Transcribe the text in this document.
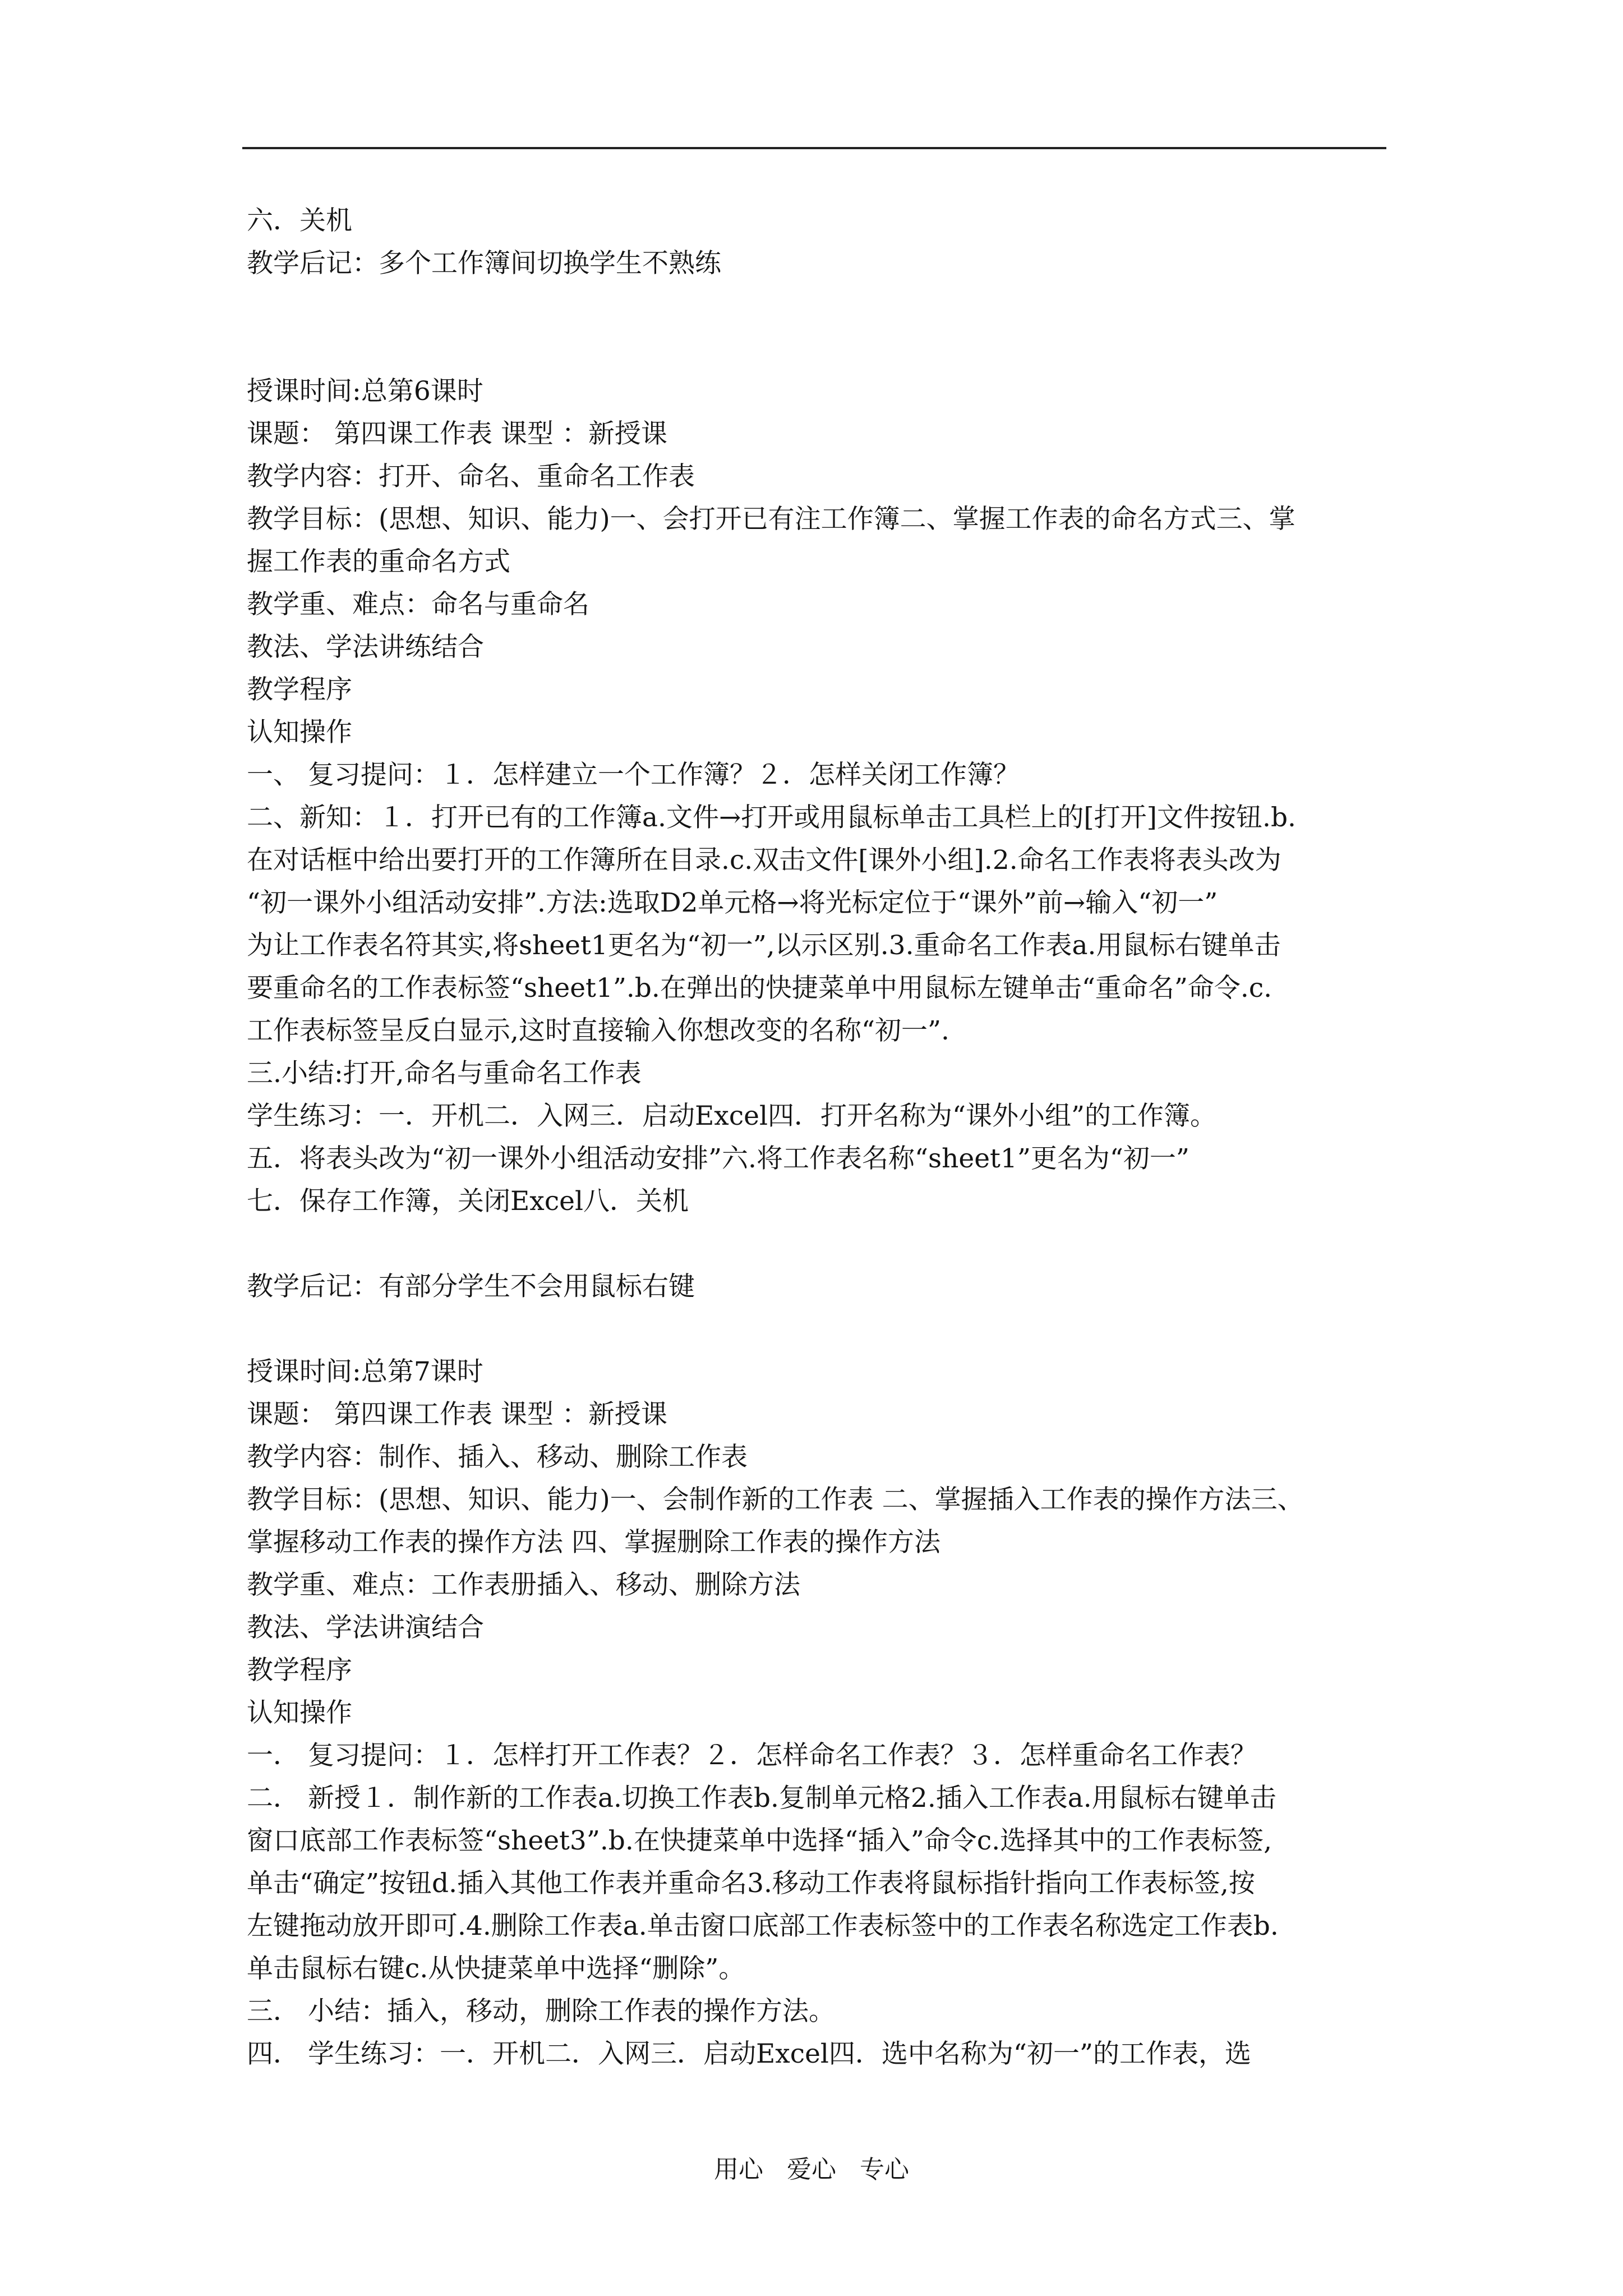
六．关机
教学后记：多个工作簿间切换学生不熟练
授课时间:总第6课时
课题： 第四课工作表 课型 ：新授课
教学内容：打开、命名、重命名工作表
教学目标：(思想、知识、能力)一、会打开已有注工作簿二、掌握工作表的命名方式三、掌
握工作表的重命名方式
教学重、难点：命名与重命名
教法、学法讲练结合
教学程序
认知操作
一、 复习提问：１．怎样建立一个工作簿？２．怎样关闭工作簿？
二、新知：１．打开已有的工作簿a.文件→打开或用鼠标单击工具栏上的[打开]文件按钮.b.
在对话框中给出要打开的工作簿所在目录.c.双击文件[课外小组].2.命名工作表将表头改为
“初一课外小组活动安排”.方法:选取D2单元格→将光标定位于“课外”前→输入“初一”
为让工作表名符其实,将sheet1更名为“初一”,以示区别.3.重命名工作表a.用鼠标右键单击
要重命名的工作表标签“sheet1”.b.在弹出的快捷菜单中用鼠标左键单击“重命名”命令.c.
工作表标签呈反白显示,这时直接输入你想改变的名称“初一”.
三.小结:打开,命名与重命名工作表
学生练习：一．开机二．入网三．启动Excel四．打开名称为“课外小组”的工作簿。
五．将表头改为“初一课外小组活动安排”六.将工作表名称“sheet1”更名为“初一”
七．保存工作簿，关闭Excel八．关机
教学后记：有部分学生不会用鼠标右键
授课时间:总第7课时
课题： 第四课工作表 课型 ：新授课
教学内容：制作、插入、移动、删除工作表
教学目标：(思想、知识、能力)一、会制作新的工作表 二、掌握插入工作表的操作方法三、
掌握移动工作表的操作方法 四、掌握删除工作表的操作方法
教学重、难点：工作表册插入、移动、删除方法
教法、学法讲演结合
教学程序
认知操作
一． 复习提问：１．怎样打开工作表？２．怎样命名工作表？３．怎样重命名工作表？
二． 新授１．制作新的工作表a.切换工作表b.复制单元格2.插入工作表a.用鼠标右键单击
窗口底部工作表标签“sheet3”.b.在快捷菜单中选择“插入”命令c.选择其中的工作表标签,
单击“确定”按钮d.插入其他工作表并重命名3.移动工作表将鼠标指针指向工作表标签,按
左键拖动放开即可.4.删除工作表a.单击窗口底部工作表标签中的工作表名称选定工作表b.
单击鼠标右键c.从快捷菜单中选择“删除”。
三． 小结：插入，移动，删除工作表的操作方法。
四． 学生练习：一．开机二．入网三．启动Excel四．选中名称为“初一”的工作表，选
用心   爱心   专心
